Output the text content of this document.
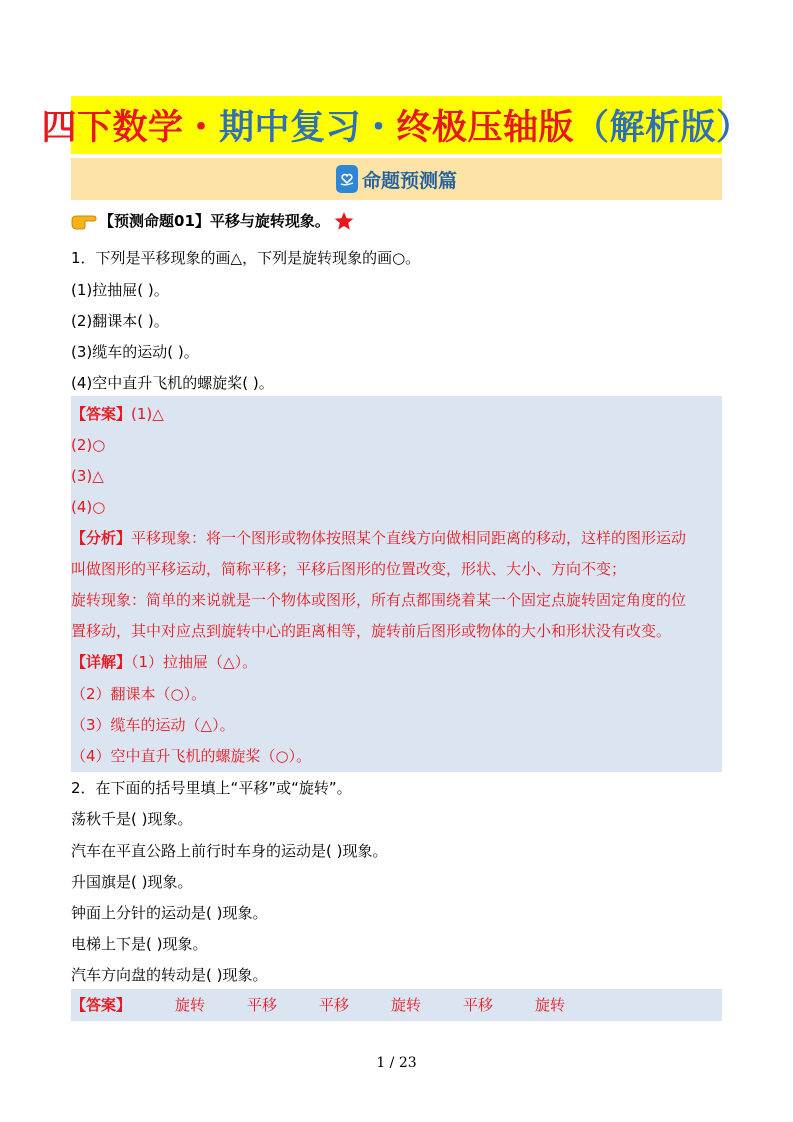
四下数学・ 期中复习・ 终极压轴版 （解析版）
命题预测篇
【预测命题01】平移与旋转现象。
1．下列是平移现象的画△，下列是旋转现象的画○。
(1)拉抽屉( )。
(2)翻课本( )。
(3)缆车的运动( )。
(4)空中直升飞机的螺旋桨( )。
【答案】(1)△
(2)○
(3)△
(4)○
【分析】平移现象：将一个图形或物体按照某个直线方向做相同距离的移动，这样的图形运动
叫做图形的平移运动，简称平移；平移后图形的位置改变，形状、大小、方向不变；
旋转现象：简单的来说就是一个物体或图形，所有点都围绕着某一个固定点旋转固定角度的位
置移动，其中对应点到旋转中心的距离相等，旋转前后图形或物体的大小和形状没有改变。
【详解】（1）拉抽屉（△）。
（2）翻课本（○）。
（3）缆车的运动（△）。
（4）空中直升飞机的螺旋桨（○）。
2．在下面的括号里填上“平移”或“旋转”。
荡秋千是( )现象。
汽车在平直公路上前行时车身的运动是( )现象。
升国旗是( )现象。
钟面上分针的运动是( )现象。
电梯上下是( )现象。
汽车方向盘的转动是( )现象。
【答案】	旋转	平移	平移	旋转	平移	旋转
1 / 23
